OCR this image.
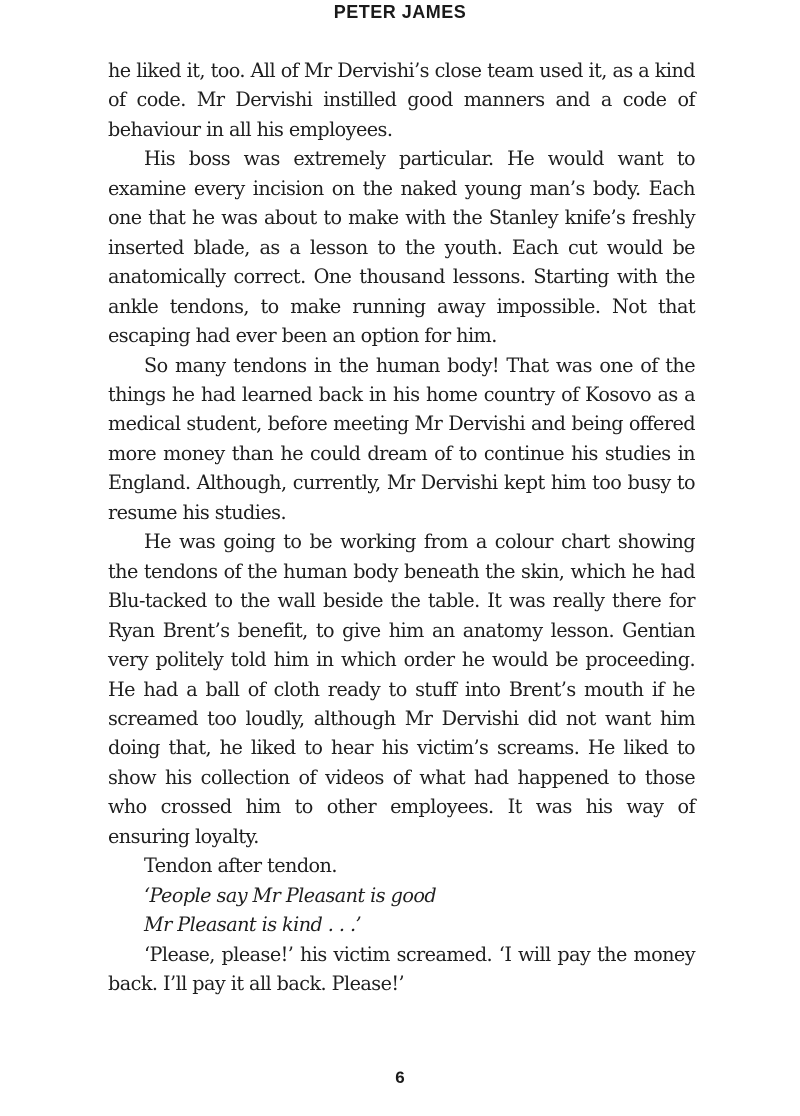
PETER JAMES

he liked it, too. All of Mr Dervishi’s close team used it, as a kind of code. Mr Dervishi instilled good manners and a code of behaviour in all his employees.

His boss was extremely particular. He would want to examine every incision on the naked young man’s body. Each one that he was about to make with the Stanley knife’s freshly inserted blade, as a lesson to the youth. Each cut would be anatomically correct. One thousand lessons. Starting with the ankle tendons, to make running away impossible. Not that escaping had ever been an option for him.

So many tendons in the human body! That was one of the things he had learned back in his home country of Kosovo as a medical student, before meeting Mr Dervishi and being offered more money than he could dream of to continue his studies in England. Although, currently, Mr Dervishi kept him too busy to resume his studies.

He was going to be working from a colour chart showing the tendons of the human body beneath the skin, which he had Blu-tacked to the wall beside the table. It was really there for Ryan Brent’s benefit, to give him an anatomy lesson. Gentian very politely told him in which order he would be proceeding. He had a ball of cloth ready to stuff into Brent’s mouth if he screamed too loudly, although Mr Dervishi did not want him doing that, he liked to hear his victim’s screams. He liked to show his collection of videos of what had happened to those who crossed him to other employees. It was his way of ensuring loyalty.

Tendon after tendon.

‘People say Mr Pleasant is good

Mr Pleasant is kind . . .’

‘Please, please!’ his victim screamed. ‘I will pay the money back. I’ll pay it all back. Please!’

6
